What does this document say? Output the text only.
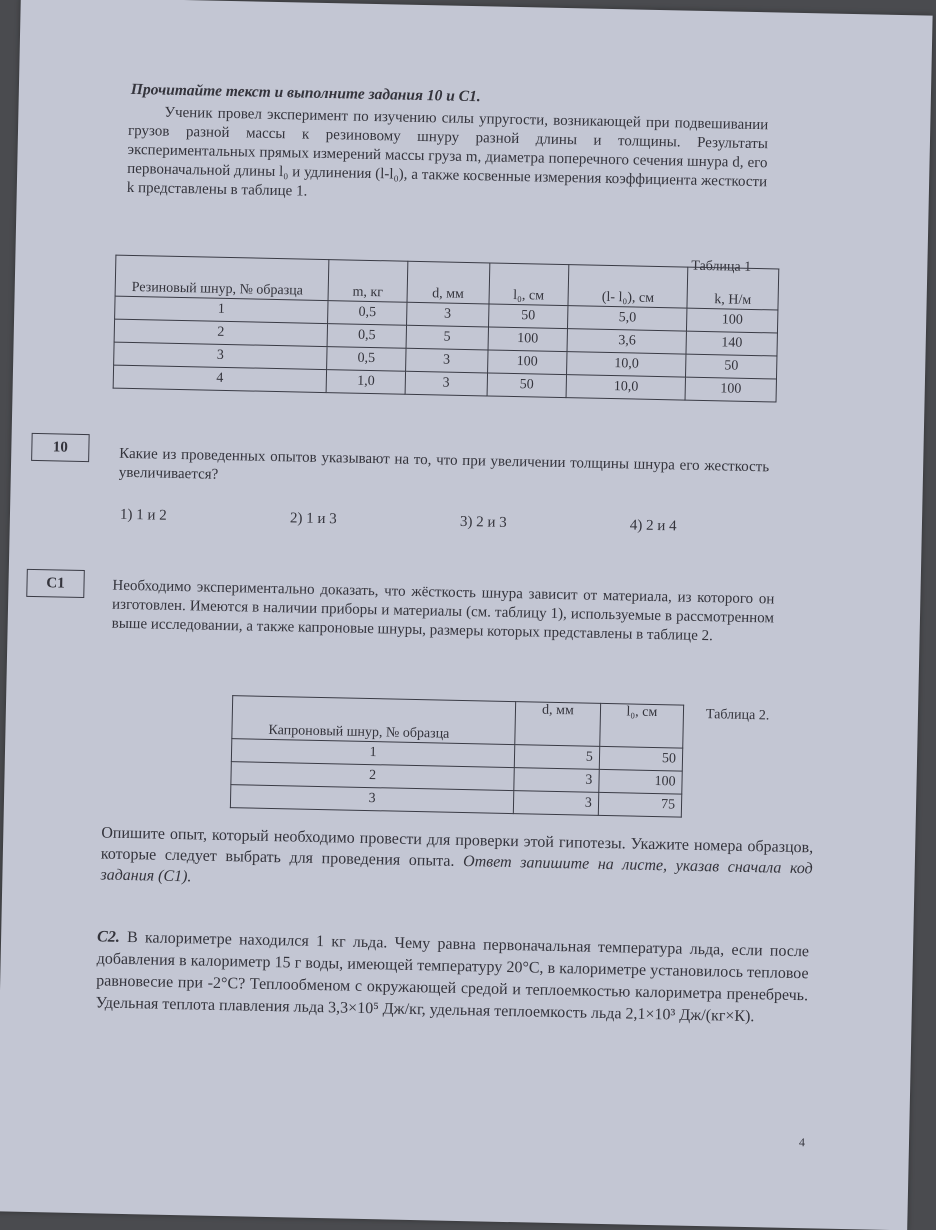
Прочитайте текст и выполните задания 10 и С1.

Ученик провел эксперимент по изучению силы упругости, возникающей при подвешивании грузов разной массы к резиновому шнуру разной длины и толщины. Результаты экспериментальных прямых измерений массы груза m, диаметра поперечного сечения шнура d, его первоначальной длины l₀ и удлинения (l-l₀), а также косвенные измерения коэффициента жесткости k представлены в таблице 1.

Таблица 1

Резиновый шнур, № образца	m, кг	d, мм	l₀, см	(l- l₀), см	k, Н/м
1	0,5	3	50	5,0	100
2	0,5	5	100	3,6	140
3	0,5	3	100	10,0	50
4	1,0	3	50	10,0	100
10	Какие из проведенных опытов указывают на то, что при увеличении толщины шнура его жесткость увеличивается?

1) 1 и 2	2) 1 и 3	3) 2 и 3	4) 2 и 4
С1	Необходимо экспериментально доказать, что жёсткость шнура зависит от материала, из которого он изготовлен. Имеются в наличии приборы и материалы (см. таблицу 1), используемые в рассмотренном выше исследовании, а также капроновые шнуры, размеры которых представлены в таблице 2.

Таблица 2.

Капроновый шнур, № образца	d, мм	l₀, см
1	5	50
2	3	100
3	3	75

Опишите опыт, который необходимо провести для проверки этой гипотезы. Укажите номера образцов, которые следует выбрать для проведения опыта. Ответ запишите на листе, указав сначала код задания (С1).

С2. В калориметре находился 1 кг льда. Чему равна первоначальная температура льда, если после добавления в калориметр 15 г воды, имеющей температуру 20°С, в калориметре установилось тепловое равновесие при -2°С? Теплообменом с окружающей средой и теплоемкостью калориметра пренебречь. Удельная теплота плавления льда 3,3×10⁵ Дж/кг, удельная теплоемкость льда 2,1×10³ Дж/(кг×К).

4
